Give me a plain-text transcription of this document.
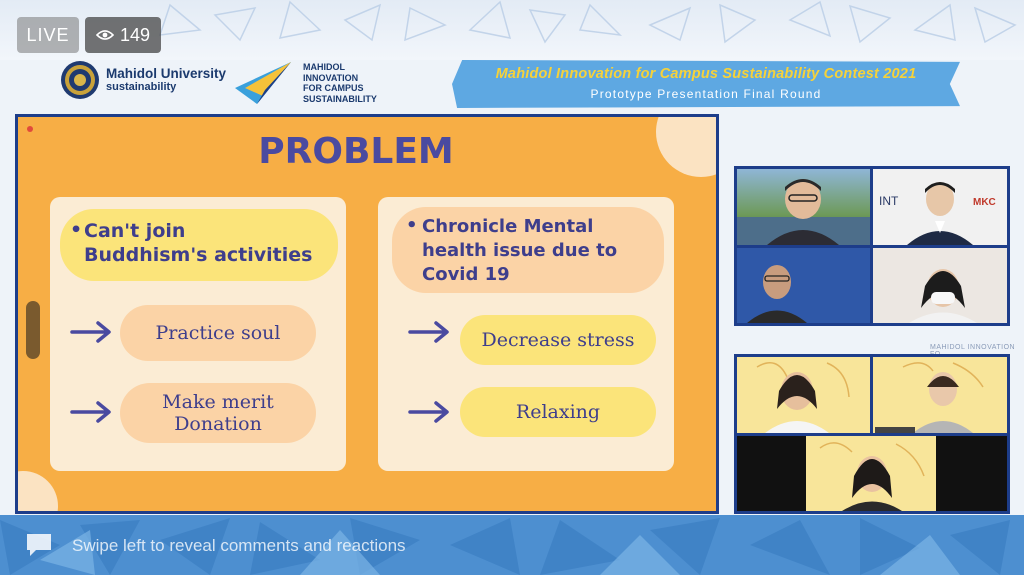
LIVE	149
Mahidol University
sustainability
MAHIDOL
INNOVATION
FOR CAMPUS
SUSTAINABILITY
Mahidol Innovation for Campus Sustainability Contest 2021
Prototype Presentation Final Round
PROBLEM
• Can't join
Buddhism's activities
Practice soul
Make merit
Donation
• Chronicle Mental
health issue due to
Covid 19
Decrease stress
Relaxing
MAHIDOL INNOVATION
INT	MKC
Swipe left to reveal comments and reactions
